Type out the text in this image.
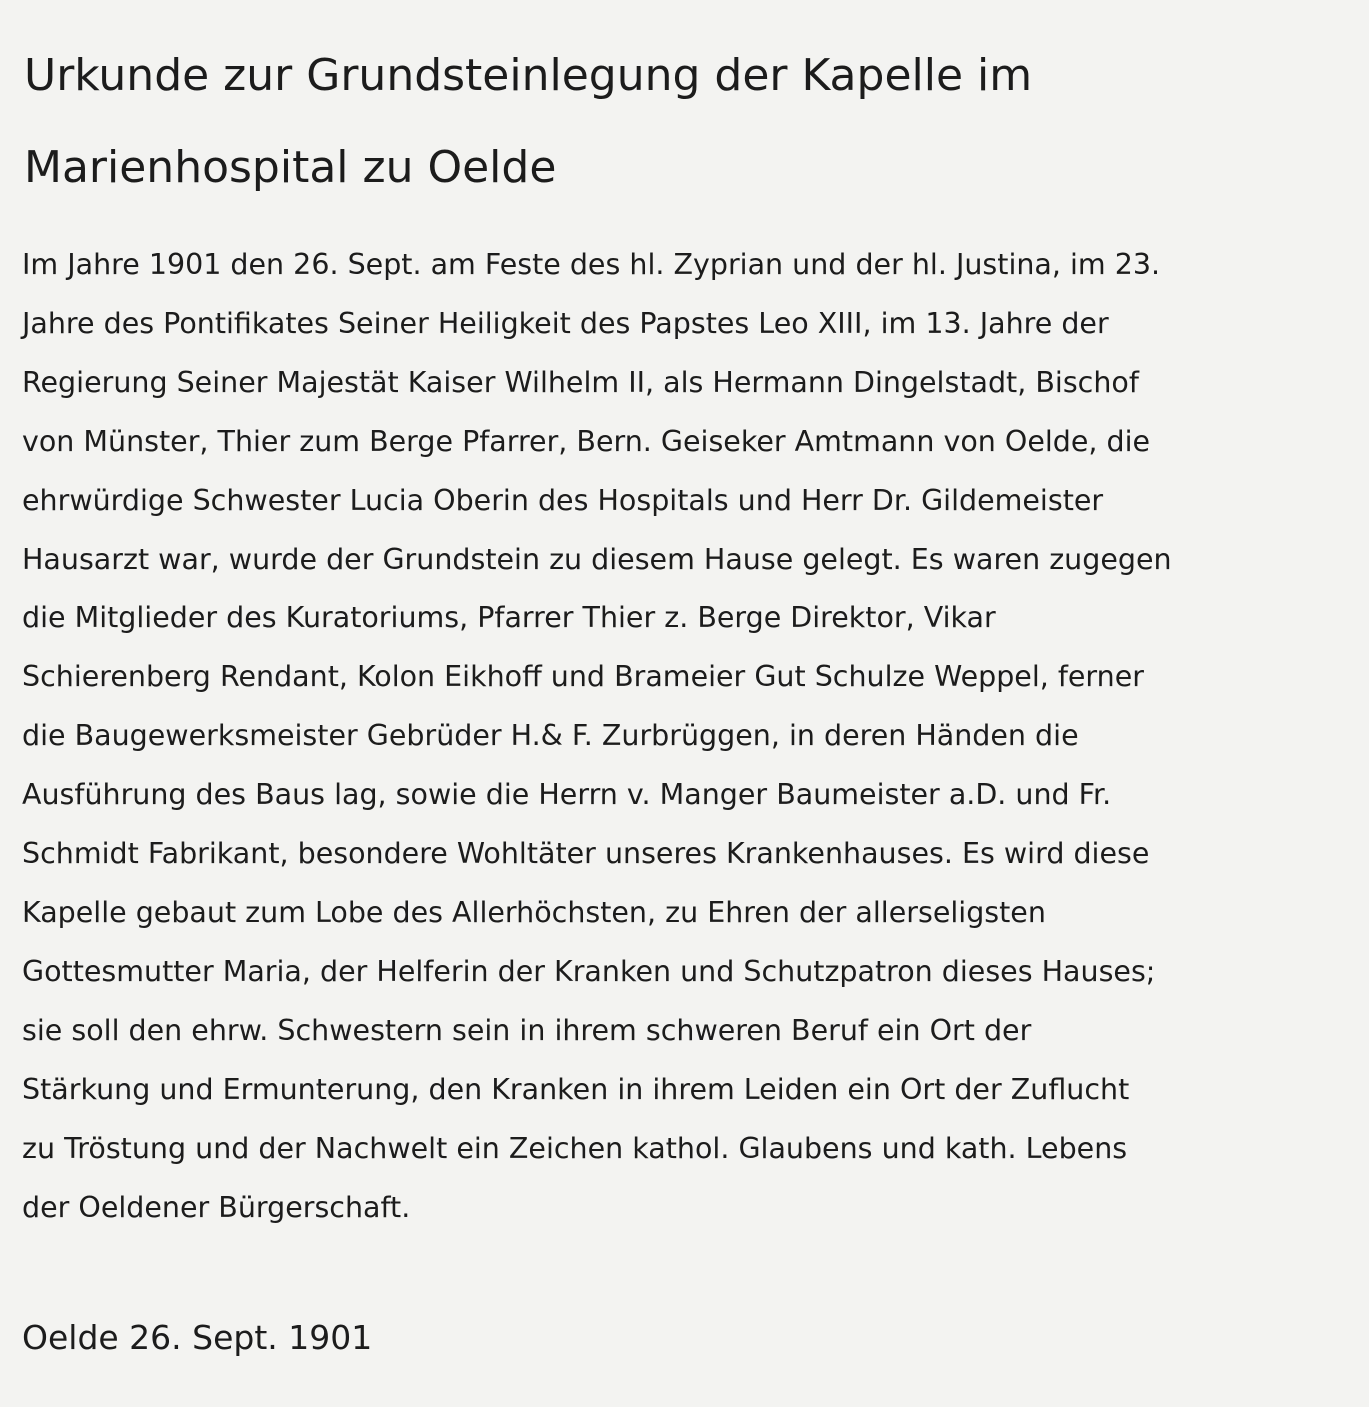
Urkunde zur Grundsteinlegung der Kapelle im
Marienhospital zu Oelde
Im Jahre 1901 den 26. Sept. am Feste des hl. Zyprian und der hl. Justina, im 23.
Jahre des Pontifikates Seiner Heiligkeit des Papstes Leo XIII, im 13. Jahre der
Regierung Seiner Majestät Kaiser Wilhelm II, als Hermann Dingelstadt, Bischof
von Münster, Thier zum Berge Pfarrer, Bern. Geiseker Amtmann von Oelde, die
ehrwürdige Schwester Lucia Oberin des Hospitals und Herr Dr. Gildemeister
Hausarzt war, wurde der Grundstein zu diesem Hause gelegt. Es waren zugegen
die Mitglieder des Kuratoriums, Pfarrer Thier z. Berge Direktor, Vikar
Schierenberg Rendant, Kolon Eikhoff und Brameier Gut Schulze Weppel, ferner
die Baugewerksmeister Gebrüder H.& F. Zurbrüggen, in deren Händen die
Ausführung des Baus lag, sowie die Herrn v. Manger Baumeister a.D. und Fr.
Schmidt Fabrikant, besondere Wohltäter unseres Krankenhauses. Es wird diese
Kapelle gebaut zum Lobe des Allerhöchsten, zu Ehren der allerseligsten
Gottesmutter Maria, der Helferin der Kranken und Schutzpatron dieses Hauses;
sie soll den ehrw. Schwestern sein in ihrem schweren Beruf ein Ort der
Stärkung und Ermunterung, den Kranken in ihrem Leiden ein Ort der Zuflucht
zu Tröstung und der Nachwelt ein Zeichen kathol. Glaubens und kath. Lebens
der Oeldener Bürgerschaft.

Oelde 26. Sept. 1901
